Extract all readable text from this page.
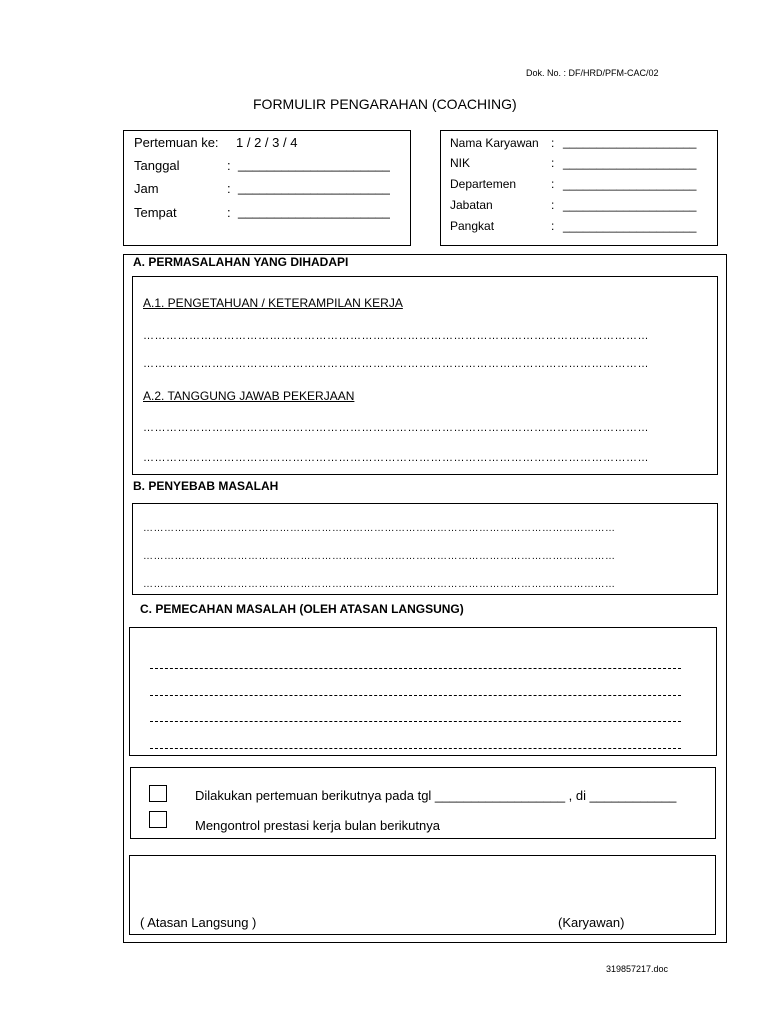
Dok. No. : DF/HRD/PFM-CAC/02
FORMULIR PENGARAHAN (COACHING)
Pertemuan ke: 1 / 2 / 3 / 4
Tanggal	: _____________________
Jam	: _____________________
Tempat	: _____________________
Nama Karyawan : ____________________
NIK	: ____________________
Departemen	: ____________________
Jabatan	: ____________________
Pangkat	: ____________________
A. PERMASALAHAN YANG DIHADAPI
A.1. PENGETAHUAN / KETERAMPILAN KERJA
……………………………………………………………………………………………………………………
……………………………………………………………………………………………………………………
A.2. TANGGUNG JAWAB PEKERJAAN
……………………………………………………………………………………………………………………
……………………………………………………………………………………………………………………
B. PENYEBAB MASALAH
………………………………………………………………………………………………………………………
………………………………………………………………………………………………………………………
………………………………………………………………………………………………………………………
C. PEMECAHAN MASALAH (OLEH ATASAN LANGSUNG)
Dilakukan pertemuan berikutnya pada tgl __________________ , di ____________
Mengontrol prestasi kerja bulan berikutnya
( Atasan Langsung )	(Karyawan)
319857217.doc
